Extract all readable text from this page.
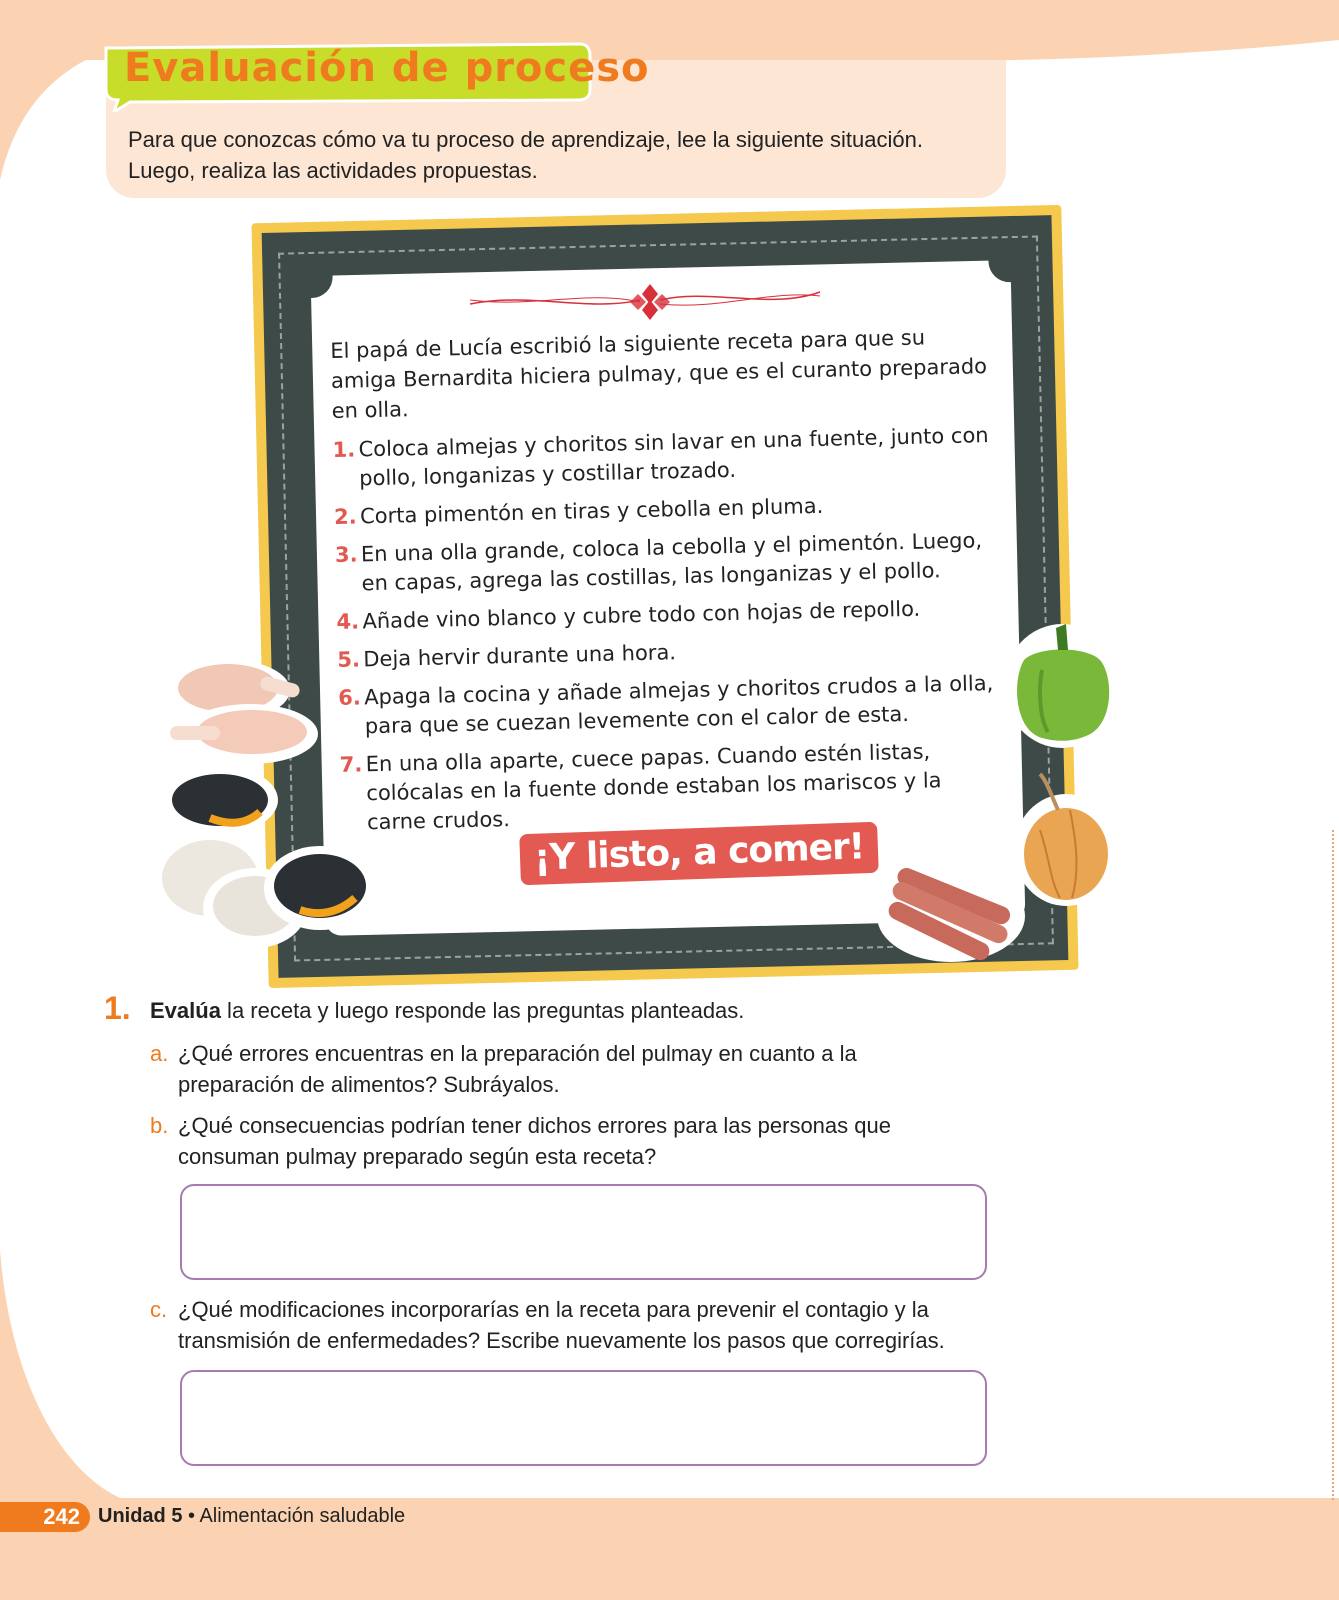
Evaluación de proceso

Para que conozcas cómo va tu proceso de aprendizaje, lee la siguiente situación.
Luego, realiza las actividades propuestas.

El papá de Lucía escribió la siguiente receta para que su amiga Bernardita hiciera pulmay, que es el curanto preparado en olla.

1. Coloca almejas y choritos sin lavar en una fuente, junto con pollo, longanizas y costillar trozado.
2. Corta pimentón en tiras y cebolla en pluma.
3. En una olla grande, coloca la cebolla y el pimentón. Luego, en capas, agrega las costillas, las longanizas y el pollo.
4. Añade vino blanco y cubre todo con hojas de repollo.
5. Deja hervir durante una hora.
6. Apaga la cocina y añade almejas y choritos crudos a la olla, para que se cuezan levemente con el calor de esta.
7. En una olla aparte, cuece papas. Cuando estén listas, colócalas en la fuente donde estaban los mariscos y la carne crudos.
¡Y listo, a comer!
1. Evalúa la receta y luego responde las preguntas planteadas.

a. ¿Qué errores encuentras en la preparación del pulmay en cuanto a la
preparación de alimentos? Subráyalos.

b. ¿Qué consecuencias podrían tener dichos errores para las personas que
consuman pulmay preparado según esta receta?

c. ¿Qué modificaciones incorporarías en la receta para prevenir el contagio y la
transmisión de enfermedades? Escribe nuevamente los pasos que corregirías.

242 Unidad 5 • Alimentación saludable
